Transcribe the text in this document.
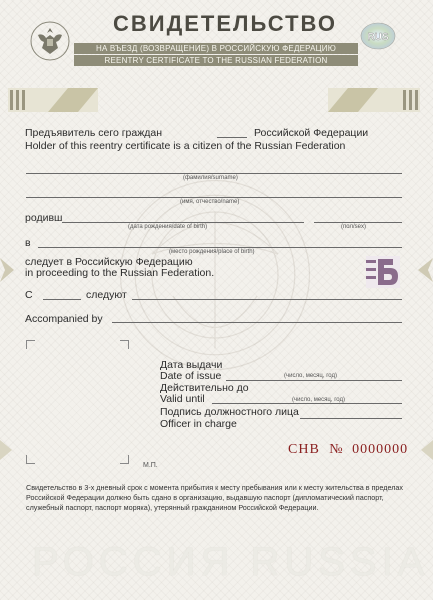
СВИДЕТЕЛЬСТВО
RUS
НА ВЪЕЗД (ВОЗВРАЩЕНИЕ) В РОССИЙСКУЮ ФЕДЕРАЦИЮ
REENTRY CERTIFICATE TO THE RUSSIAN FEDERATION
Предъявитель сего граждан	Российской Федерации
Holder of this reentry certificate is a citizen of the Russian Federation
(фамилия/surname)
(имя, отчество/name)
родивш
(дата рождения/date of birth)	(пол/sex)
в
(место рождения/place of birth)
следует в Российскую Федерацию
in proceeding to the Russian Federation.
С	следуют
Accompanied by
Дата выдачи
Date of issue	(число, месяц, год)
Действительно до
Valid until	(число, месяц, год)
Подпись должностного лица
Officer in charge
СНВ № 0000000
М.П.
Свидетельство в 3-х дневный срок с момента прибытия к месту пребывания или к месту жительства в пределах Российской Федерации должно быть сдано в организацию, выдавшую паспорт (дипломатический паспорт, служебный паспорт, паспорт моряка), утерянный гражданином Российской Федерации.
РОССИЯ RUSSIA
